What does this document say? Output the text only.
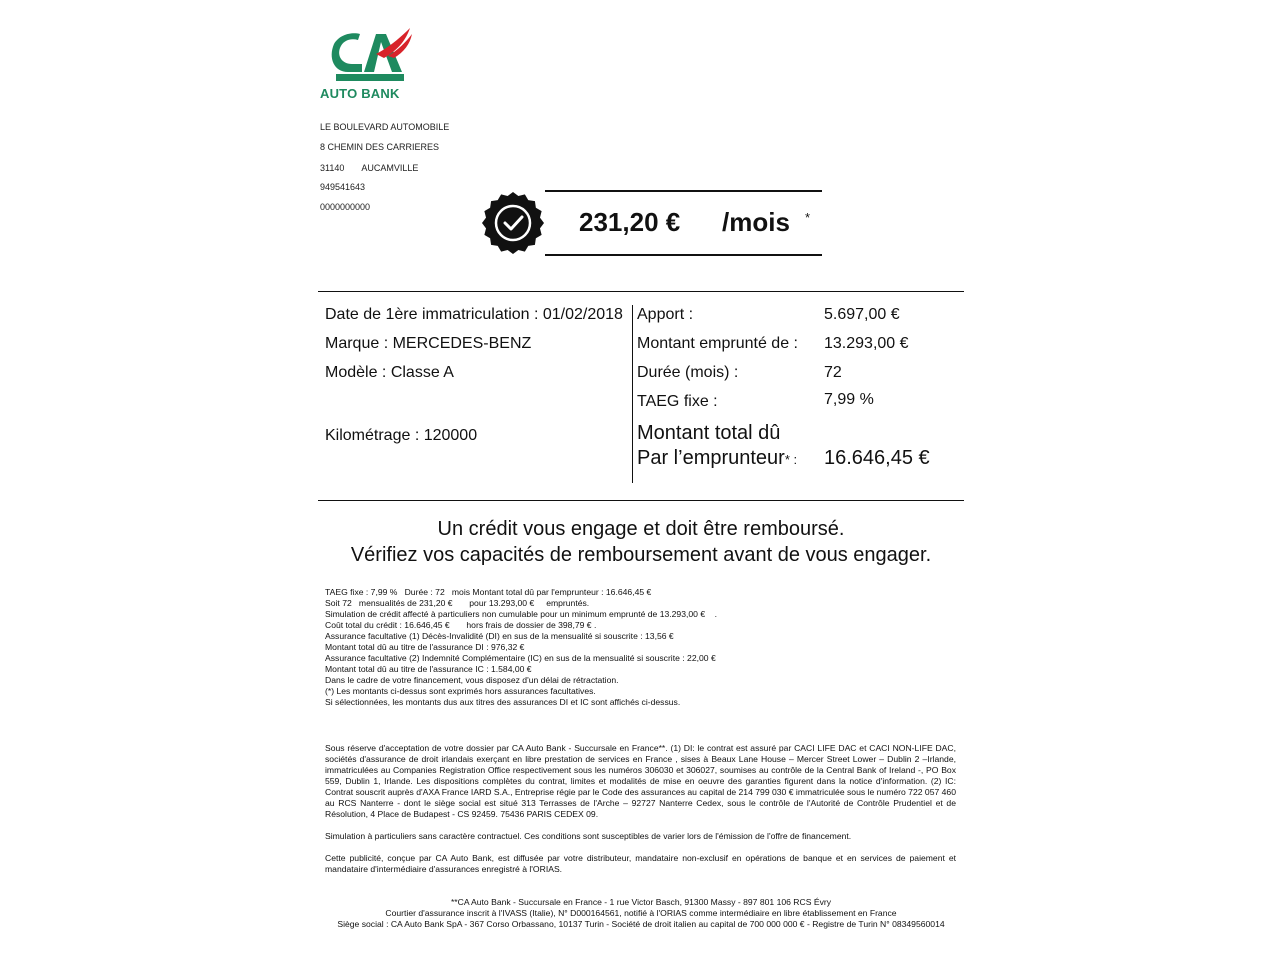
AUTO BANK
LE BOULEVARD AUTOMOBILE
8 CHEMIN DES CARRIERES
31140       AUCAMVILLE
949541643
0000000000	231,20 € /mois *
Date de 1ère immatriculation : 01/02/2018
Marque : MERCEDES-BENZ
Modèle : Classe A
Kilométrage : 120000
Apport :	5.697,00 €
Montant emprunté de : 13.293,00 €
Durée (mois) :	72
TAEG fixe :	7,99 %
Montant total dû
Par l’emprunteur* : 16.646,45 €
Un crédit vous engage et doit être remboursé.
Vérifiez vos capacités de remboursement avant de vous engager.
TAEG fixe : 7,99 %   Durée : 72   mois Montant total dû par l'emprunteur : 16.646,45 €
Soit 72   mensualités de 231,20 €       pour 13.293,00 €     empruntés.
Simulation de crédit affecté à particuliers non cumulable pour un minimum emprunté de 13.293,00 €    .
Coût total du crédit : 16.646,45 €       hors frais de dossier de 398,79 € .
Assurance facultative (1) Décès-Invalidité (DI) en sus de la mensualité si souscrite : 13,56 €
Montant total dû au titre de l'assurance DI : 976,32 €
Assurance facultative (2) Indemnité Complémentaire (IC) en sus de la mensualité si souscrite : 22,00 €
Montant total dû au titre de l'assurance IC : 1.584,00 €
Dans le cadre de votre financement, vous disposez d'un délai de rétractation.
(*) Les montants ci-dessus sont exprimés hors assurances facultatives.
Si sélectionnées, les montants dus aux titres des assurances DI et IC sont affichés ci-dessus.

Sous réserve d'acceptation de votre dossier par CA Auto Bank - Succursale en France**. (1) DI: le contrat est assuré par CACI LIFE DAC et CACI NON-LIFE DAC, sociétés d'assurance de droit irlandais exerçant en libre prestation de services en France , sises à Beaux Lane House – Mercer Street Lower – Dublin 2 –Irlande, immatriculées au Companies Registration Office respectivement sous les numéros 306030 et 306027, soumises au contrôle de la Central Bank of Ireland -, PO Box 559, Dublin 1, Irlande. Les dispositions complètes du contrat, limites et modalités de mise en oeuvre des garanties figurent dans la notice d'information. (2) IC: Contrat souscrit auprès d'AXA France IARD S.A., Entreprise régie par le Code des assurances au capital de 214 799 030 € immatriculée sous le numéro 722 057 460 au RCS Nanterre - dont le siège social est situé 313 Terrasses de l'Arche – 92727 Nanterre Cedex, sous le contrôle de l'Autorité de Contrôle Prudentiel et de Résolution, 4 Place de Budapest - CS 92459. 75436 PARIS CEDEX 09.

Simulation à particuliers sans caractère contractuel. Ces conditions sont susceptibles de varier lors de l'émission de l'offre de financement.

Cette publicité, conçue par CA Auto Bank, est diffusée par votre distributeur, mandataire non-exclusif en opérations de banque et en services de paiement et mandataire d'intermédiaire d'assurances enregistré à l'ORIAS.

**CA Auto Bank - Succursale en France - 1 rue Victor Basch, 91300 Massy - 897 801 106 RCS Évry
Courtier d'assurance inscrit à l'IVASS (Italie), N° D000164561, notifié à l'ORIAS comme intermédiaire en libre établissement en France
Siège social : CA Auto Bank SpA - 367 Corso Orbassano, 10137 Turin - Société de droit italien au capital de 700 000 000 € - Registre de Turin N° 08349560014
